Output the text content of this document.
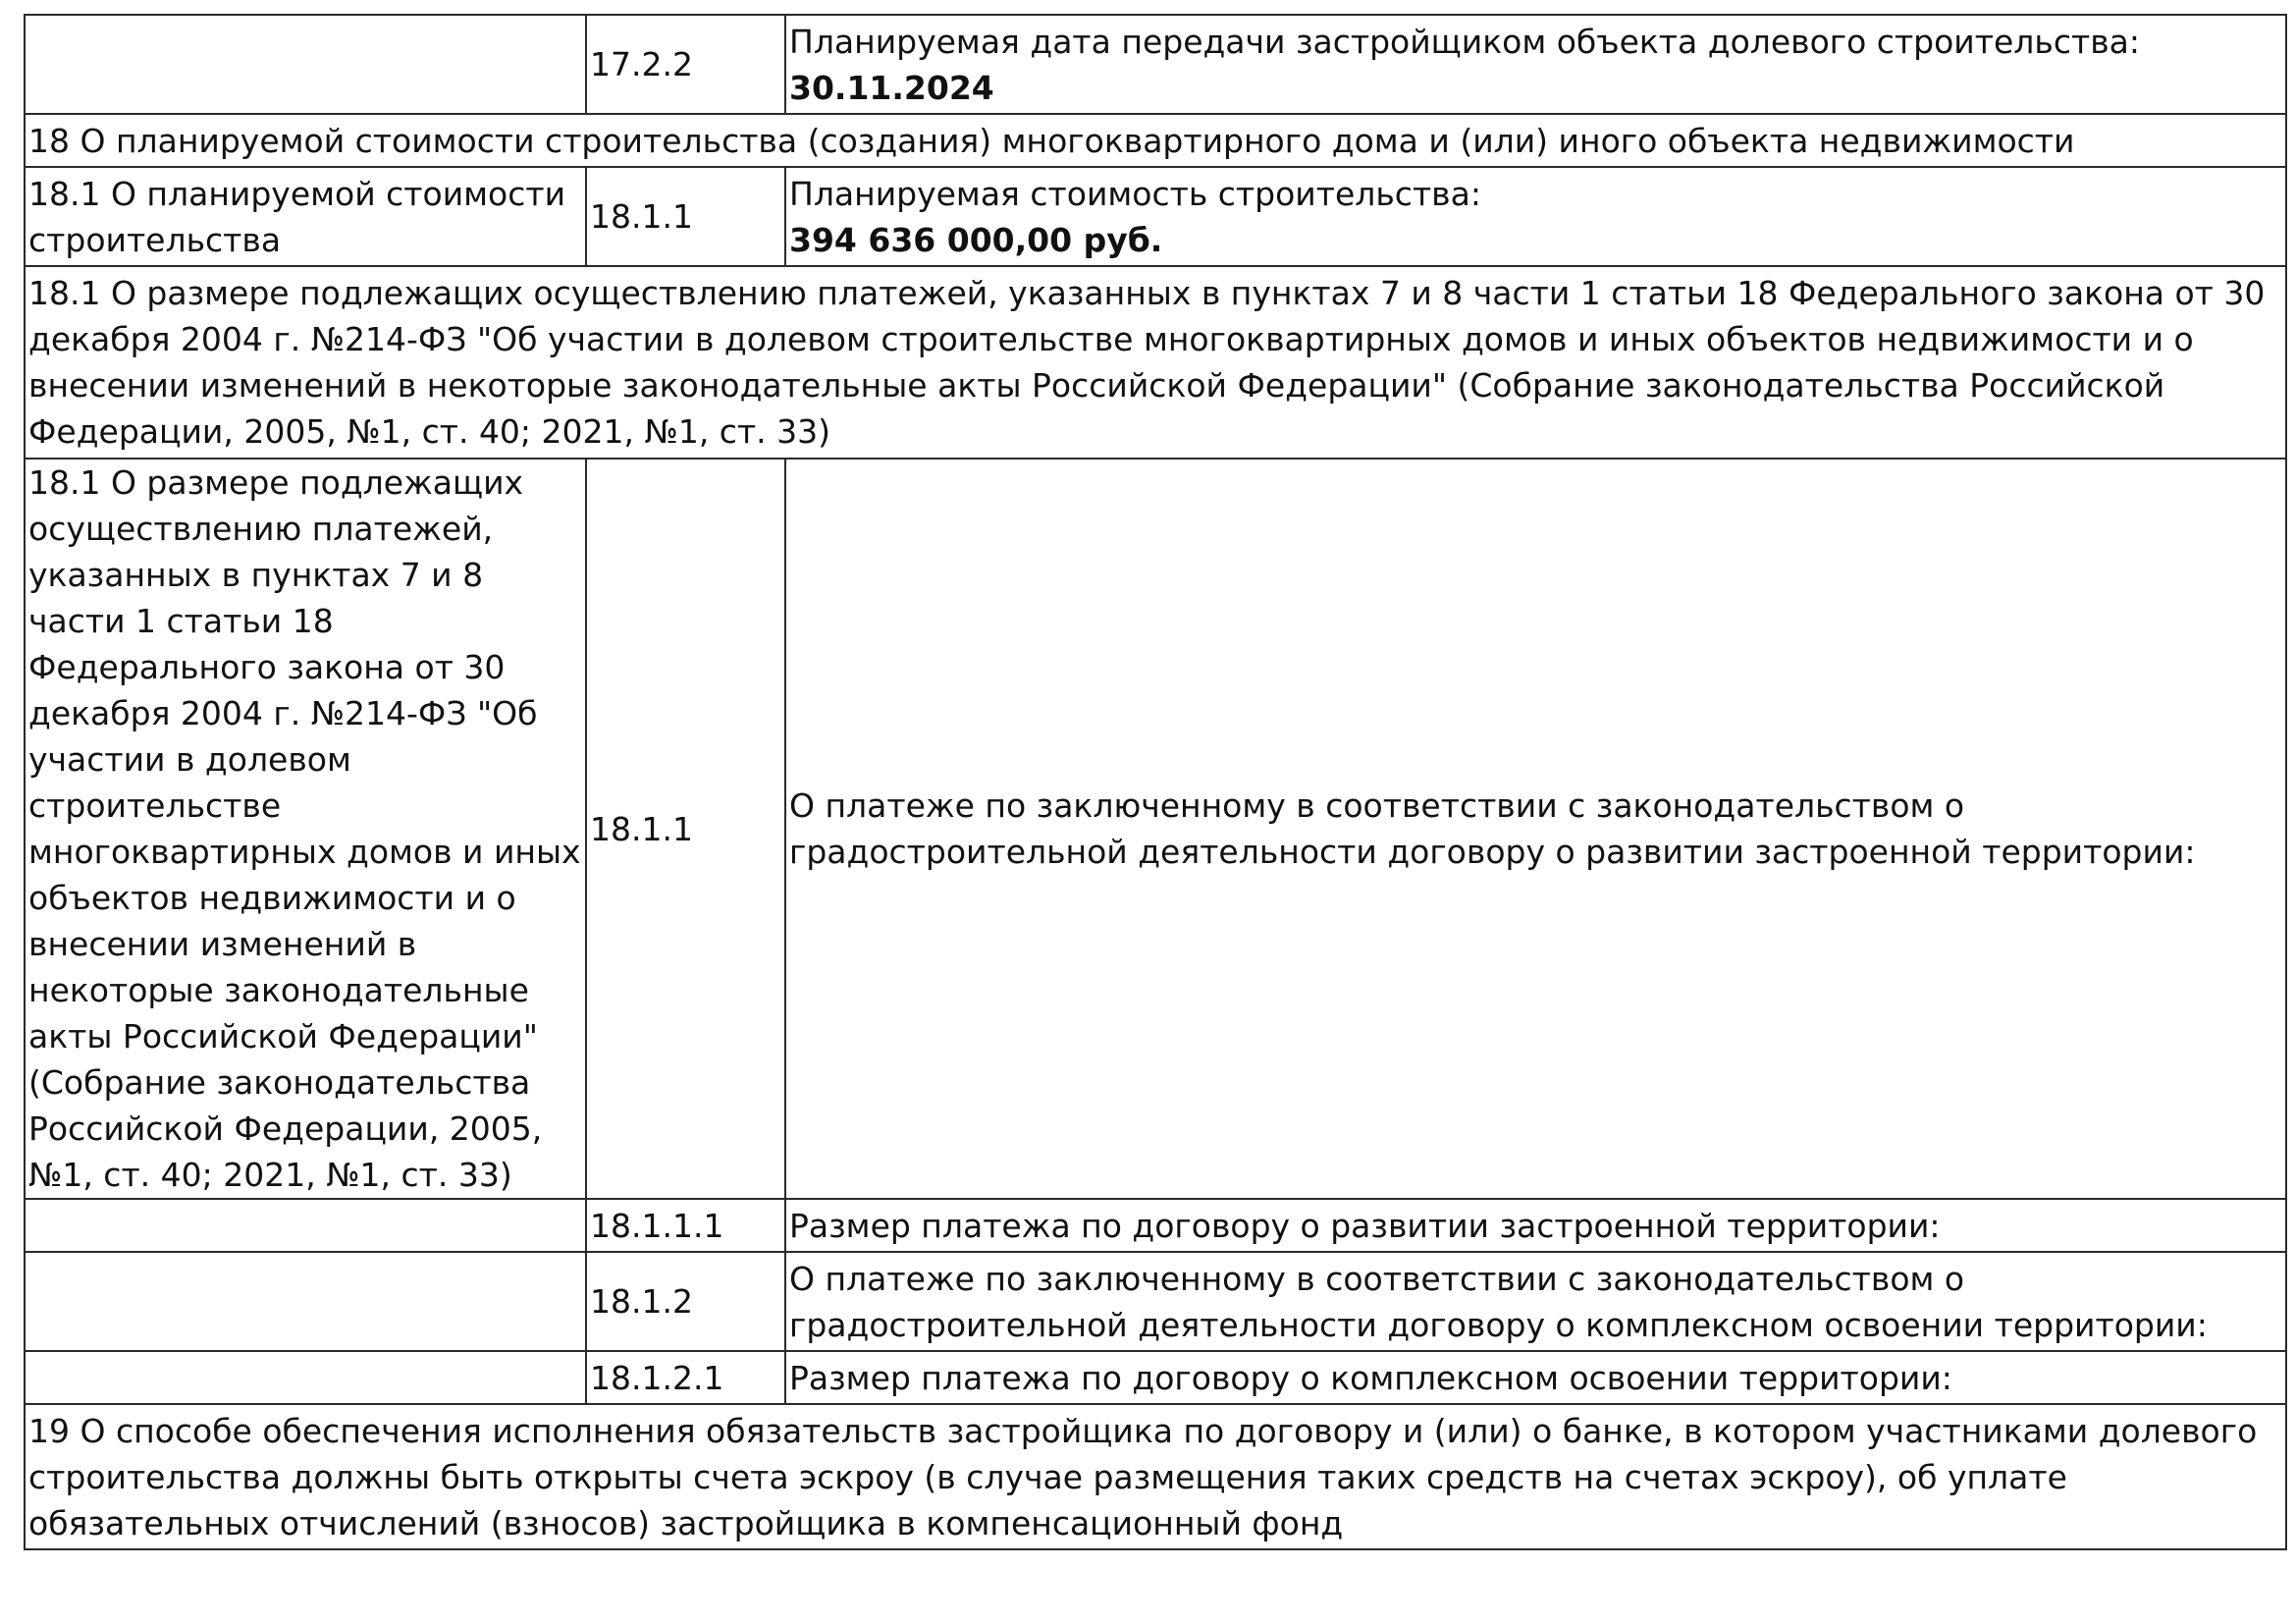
	17.2.2	Планируемая дата передачи застройщиком объекта долевого строительства:
30.11.2024

18 О планируемой стоимости строительства (создания) многоквартирного дома и (или) иного объекта недвижимости		
18.1 О планируемой стоимости строительства	18.1.1	Планируемая стоимость строительства:
394 636 000,00 руб.

18.1 О размере подлежащих осуществлению платежей, указанных в пунктах 7 и 8 части 1 статьи 18 Федерального закона от 30 декабря 2004 г. №214-ФЗ "Об участии в долевом строительстве многоквартирных домов и иных объектов недвижимости и о внесении изменений в некоторые законодательные акты Российской Федерации" (Собрание законодательства Российской Федерации, 2005, №1, ст. 40; 2021, №1, ст. 33)		
18.1 О размере подлежащих осуществлению платежей, указанных в пунктах 7 и 8 части 1 статьи 18 Федерального закона от 30 декабря 2004 г. №214-ФЗ "Об участии в долевом строительстве многоквартирных домов и иных объектов недвижимости и о внесении изменений в некоторые законодательные акты Российской Федерации" (Собрание законодательства Российской Федерации, 2005, №1, ст. 40; 2021, №1, ст. 33)	18.1.1	О платеже по заключенному в соответствии с законодательством о градостроительной деятельности договору о развитии застроенной территории:
	18.1.1.1	Размер платежа по договору о развитии застроенной территории:
	18.1.2	О платеже по заключенному в соответствии с законодательством о градостроительной деятельности договору о комплексном освоении территории:
	18.1.2.1	Размер платежа по договору о комплексном освоении территории:
19 О способе обеспечения исполнения обязательств застройщика по договору и (или) о банке, в котором участниками долевого строительства должны быть открыты счета эскроу (в случае размещения таких средств на счетах эскроу), об уплате обязательных отчислений (взносов) застройщика в компенсационный фонд		
